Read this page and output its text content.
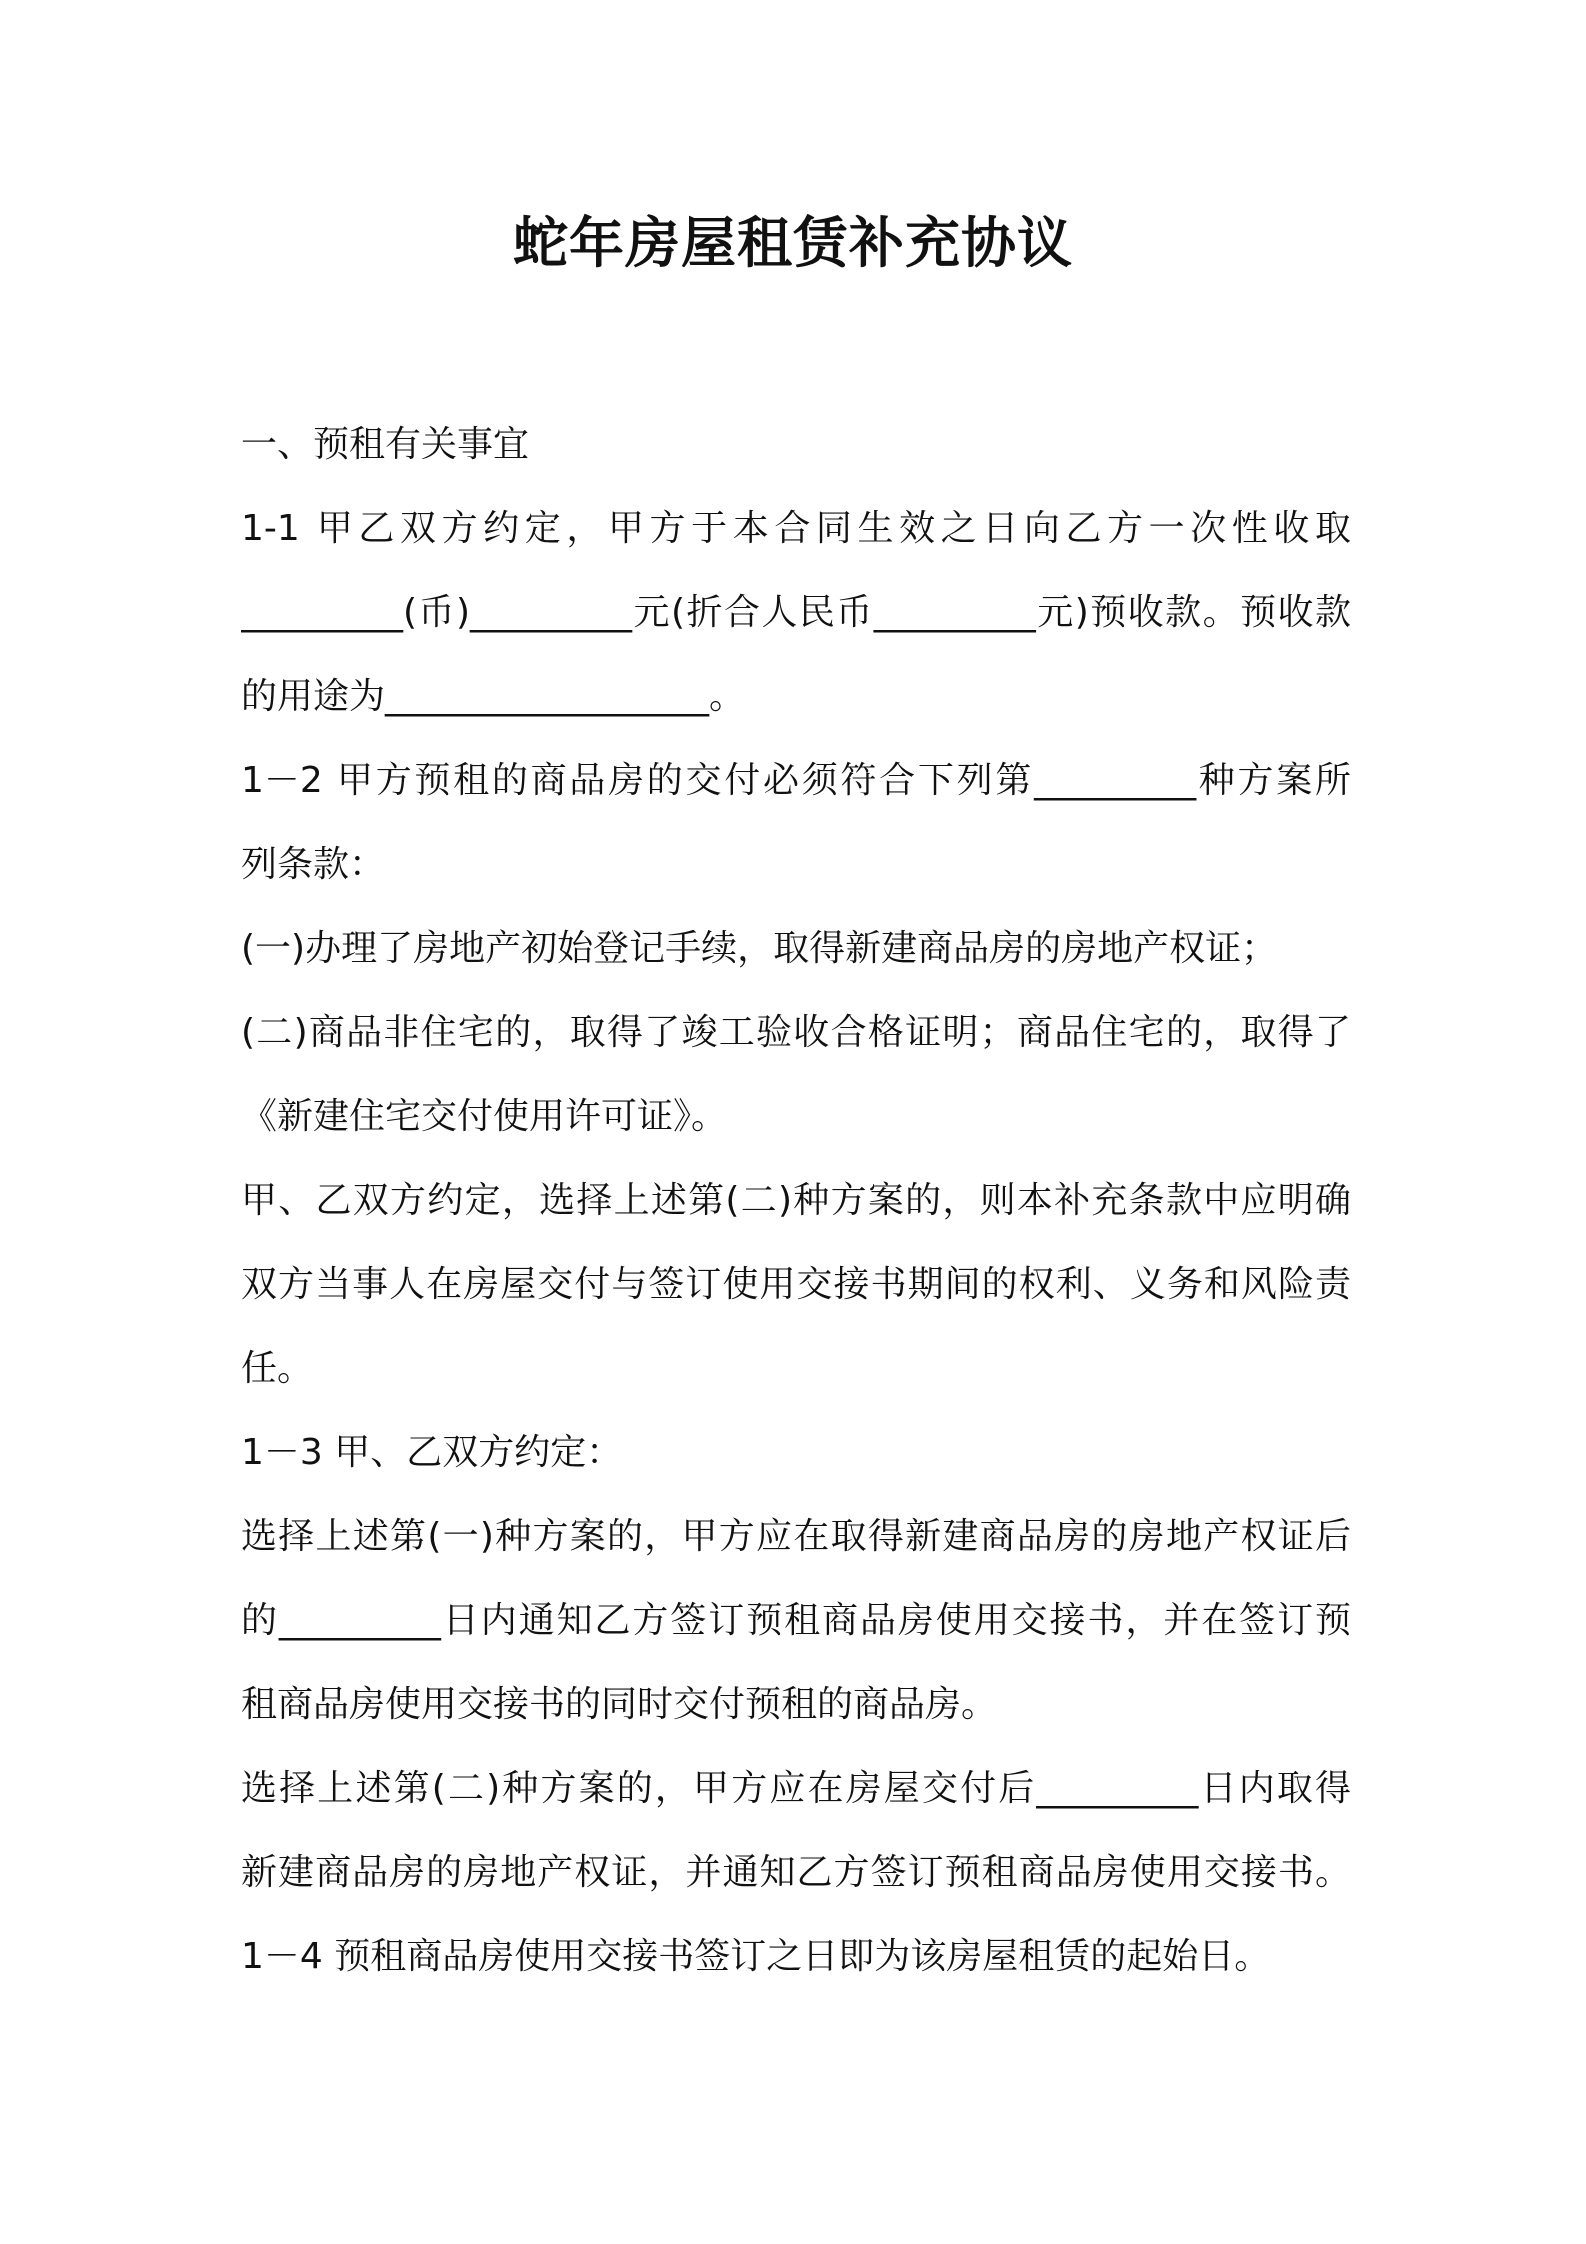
蛇年房屋租赁补充协议
一、预租有关事宜
1-1 甲乙双方约定，甲方于本合同生效之日向乙方一次性收取
_________(币)_________元(折合人民币_________元)预收款。预收款
的用途为__________________。
1－2 甲方预租的商品房的交付必须符合下列第_________种方案所
列条款：
(一)办理了房地产初始登记手续，取得新建商品房的房地产权证；
(二)商品非住宅的，取得了竣工验收合格证明；商品住宅的，取得了
《新建住宅交付使用许可证》。
甲、乙双方约定，选择上述第(二)种方案的，则本补充条款中应明确
双方当事人在房屋交付与签订使用交接书期间的权利、义务和风险责
任。
1－3 甲、乙双方约定：
选择上述第(一)种方案的，甲方应在取得新建商品房的房地产权证后
的_________日内通知乙方签订预租商品房使用交接书，并在签订预
租商品房使用交接书的同时交付预租的商品房。
选择上述第(二)种方案的，甲方应在房屋交付后_________日内取得
新建商品房的房地产权证，并通知乙方签订预租商品房使用交接书。
1－4 预租商品房使用交接书签订之日即为该房屋租赁的起始日。
